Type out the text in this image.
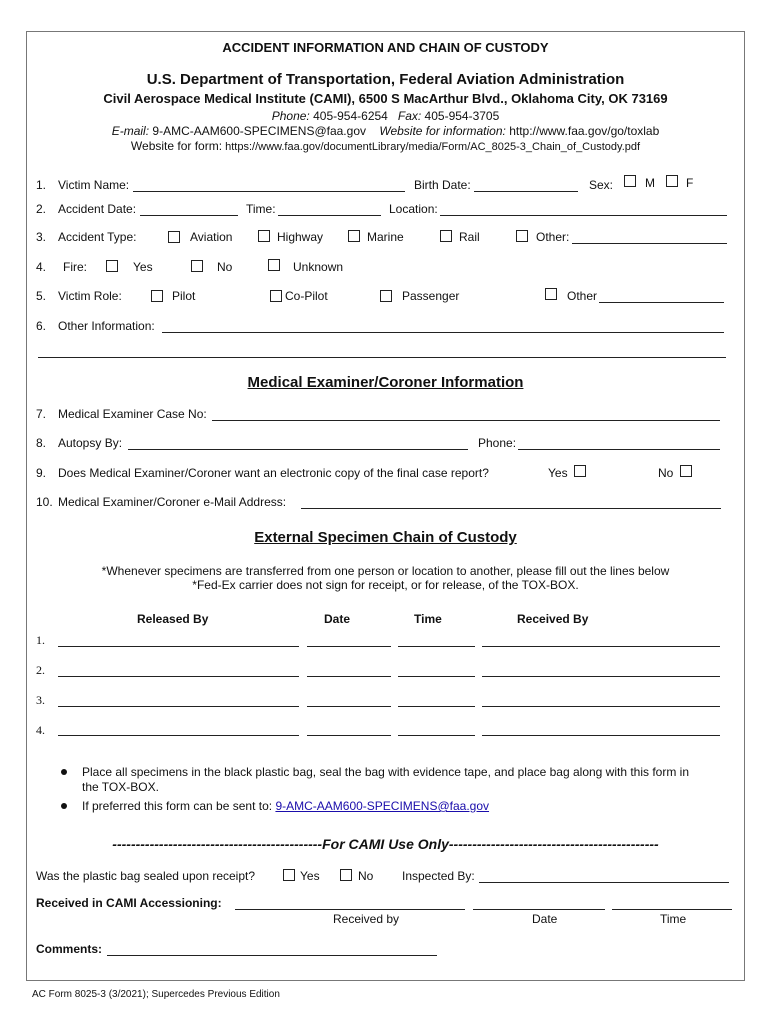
ACCIDENT INFORMATION AND CHAIN OF CUSTODY
U.S. Department of Transportation, Federal Aviation Administration
Civil Aerospace Medical Institute (CAMI), 6500 S MacArthur Blvd., Oklahoma City, OK 73169
Phone: 405-954-6254 Fax: 405-954-3705
E-mail: 9-AMC-AAM600-SPECIMENS@faa.gov Website for information: http://www.faa.gov/go/toxlab
Website for form: https://www.faa.gov/documentLibrary/media/Form/AC_8025-3_Chain_of_Custody.pdf
1. Victim Name:	Birth Date:	Sex:	M	F
2. Accident Date:	Time:	Location:
3. Accident Type:	Aviation	Highway	Marine	Rail	Other:
4. Fire:	Yes	No	Unknown
5. Victim Role:	Pilot	Co-Pilot	Passenger	Other
6. Other Information:
Medical Examiner/Coroner Information
7. Medical Examiner Case No:
8. Autopsy By:	Phone:
9. Does Medical Examiner/Coroner want an electronic copy of the final case report?	Yes	No
10. Medical Examiner/Coroner e-Mail Address:
External Specimen Chain of Custody
*Whenever specimens are transferred from one person or location to another, please fill out the lines below
*Fed-Ex carrier does not sign for receipt, or for release, of the TOX-BOX.
Released By	Date	Time	Received By
1.
2.
3.
4.
Place all specimens in the black plastic bag, seal the bag with evidence tape, and place bag along with this form in
the TOX-BOX.
If preferred this form can be sent to: 9-AMC-AAM600-SPECIMENS@faa.gov
---------------------------------------------For CAMI Use Only---------------------------------------------
Was the plastic bag sealed upon receipt?	Yes	No Inspected By:
Received in CAMI Accessioning:
Received by	Date	Time
Comments:
AC Form 8025-3 (3/2021); Supercedes Previous Edition
